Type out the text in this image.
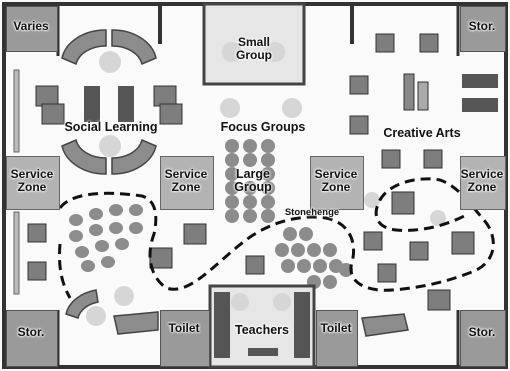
Varies
Small
Group
Stor.
Social Learning	Focus Groups	Creative Arts
Service
Zone
Service
Zone
Large
Group
Service
Zone
Service
Zone
Stonehenge
Stor.	Toilet	Teachers	Toilet	Stor.
